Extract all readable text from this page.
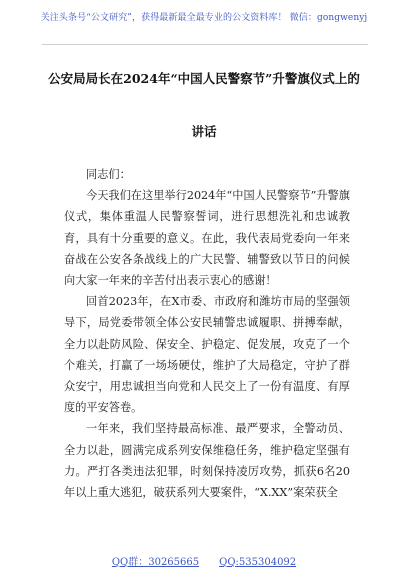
关注头条号“公文研究”，获得最新最全最专业的公文资料库！ 微信：gongwenyj
公安局局长在2024年“中国人民警察节”升警旗仪式上的
讲话

同志们：

今天我们在这里举行2024年“中国人民警察节”升警旗仪式，集体重温人民警察誓词，进行思想洗礼和忠诚教育，具有十分重要的意义。在此，我代表局党委向一年来奋战在公安各条战线上的广大民警、辅警致以节日的问候向大家一年来的辛苦付出表示衷心的感谢！

回首2023年，在X市委、市政府和潍坊市局的坚强领导下，局党委带领全体公安民辅警忠诚履职、拼搏奉献，全力以赴防风险、保安全、护稳定、促发展，攻克了一个个难关，打赢了一场场硬仗，维护了大局稳定，守护了群众安宁，用忠诚担当向党和人民交上了一份有温度、有厚度的平安答卷。

一年来，我们坚持最高标准、最严要求，全警动员、全力以赴，圆满完成系列安保维稳任务，维护稳定坚强有力。严打各类违法犯罪，时刻保持凌厉攻势，抓获6名20年以上重大逃犯，破获系列大要案件，“X.XX”案荣获全

QQ群：30265665 QQ:535304092
